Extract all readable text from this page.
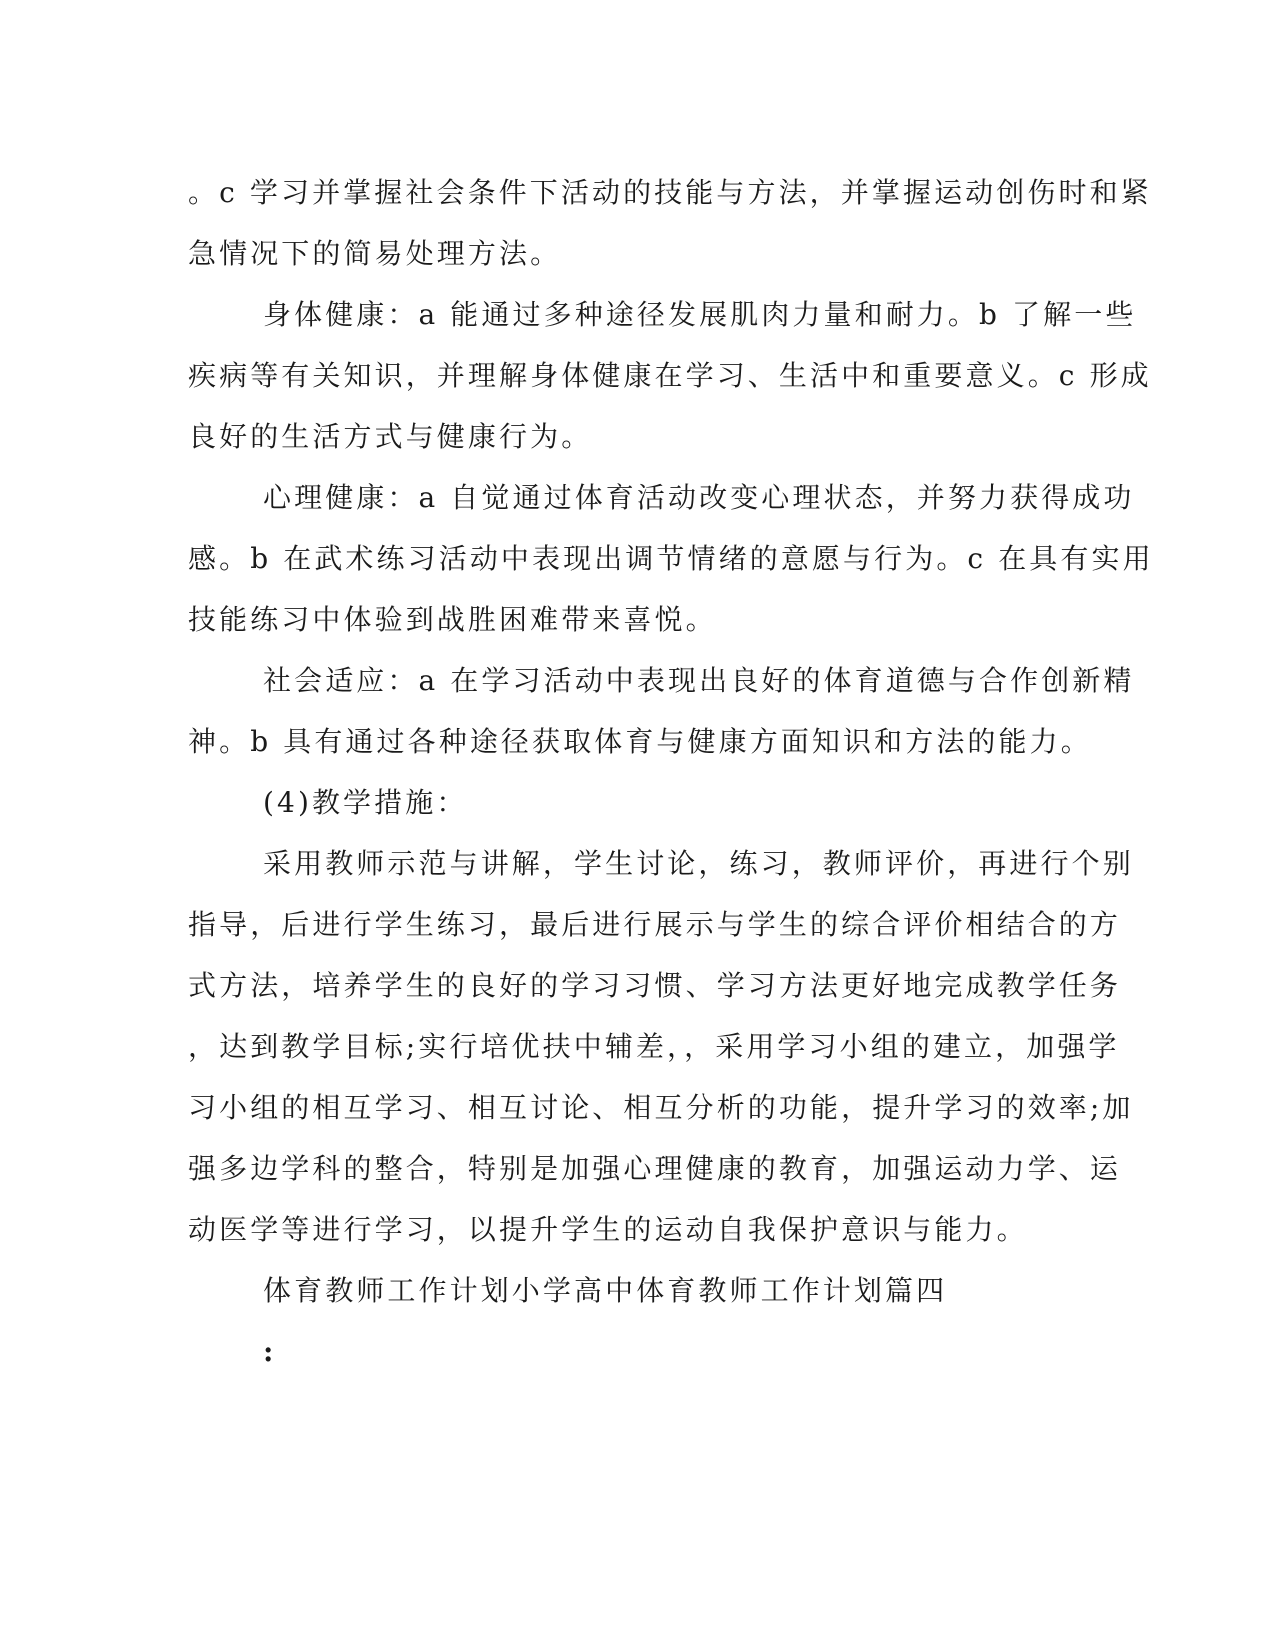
。c 学习并掌握社会条件下活动的技能与方法，并掌握运动创伤时和紧
急情况下的简易处理方法。
身体健康：a 能通过多种途径发展肌肉力量和耐力。b 了解一些
疾病等有关知识，并理解身体健康在学习、生活中和重要意义。c 形成
良好的生活方式与健康行为。
心理健康：a 自觉通过体育活动改变心理状态，并努力获得成功
感。b 在武术练习活动中表现出调节情绪的意愿与行为。c 在具有实用
技能练习中体验到战胜困难带来喜悦。
社会适应：a 在学习活动中表现出良好的体育道德与合作创新精
神。b 具有通过各种途径获取体育与健康方面知识和方法的能力。
(4)教学措施：
采用教师示范与讲解，学生讨论，练习，教师评价，再进行个别
指导，后进行学生练习，最后进行展示与学生的综合评价相结合的方
式方法，培养学生的良好的学习习惯、学习方法更好地完成教学任务
，达到教学目标;实行培优扶中辅差，，采用学习小组的建立，加强学
习小组的相互学习、相互讨论、相互分析的功能，提升学习的效率;加
强多边学科的整合，特别是加强心理健康的教育，加强运动力学、运
动医学等进行学习，以提升学生的运动自我保护意识与能力。
体育教师工作计划小学高中体育教师工作计划篇四
:
